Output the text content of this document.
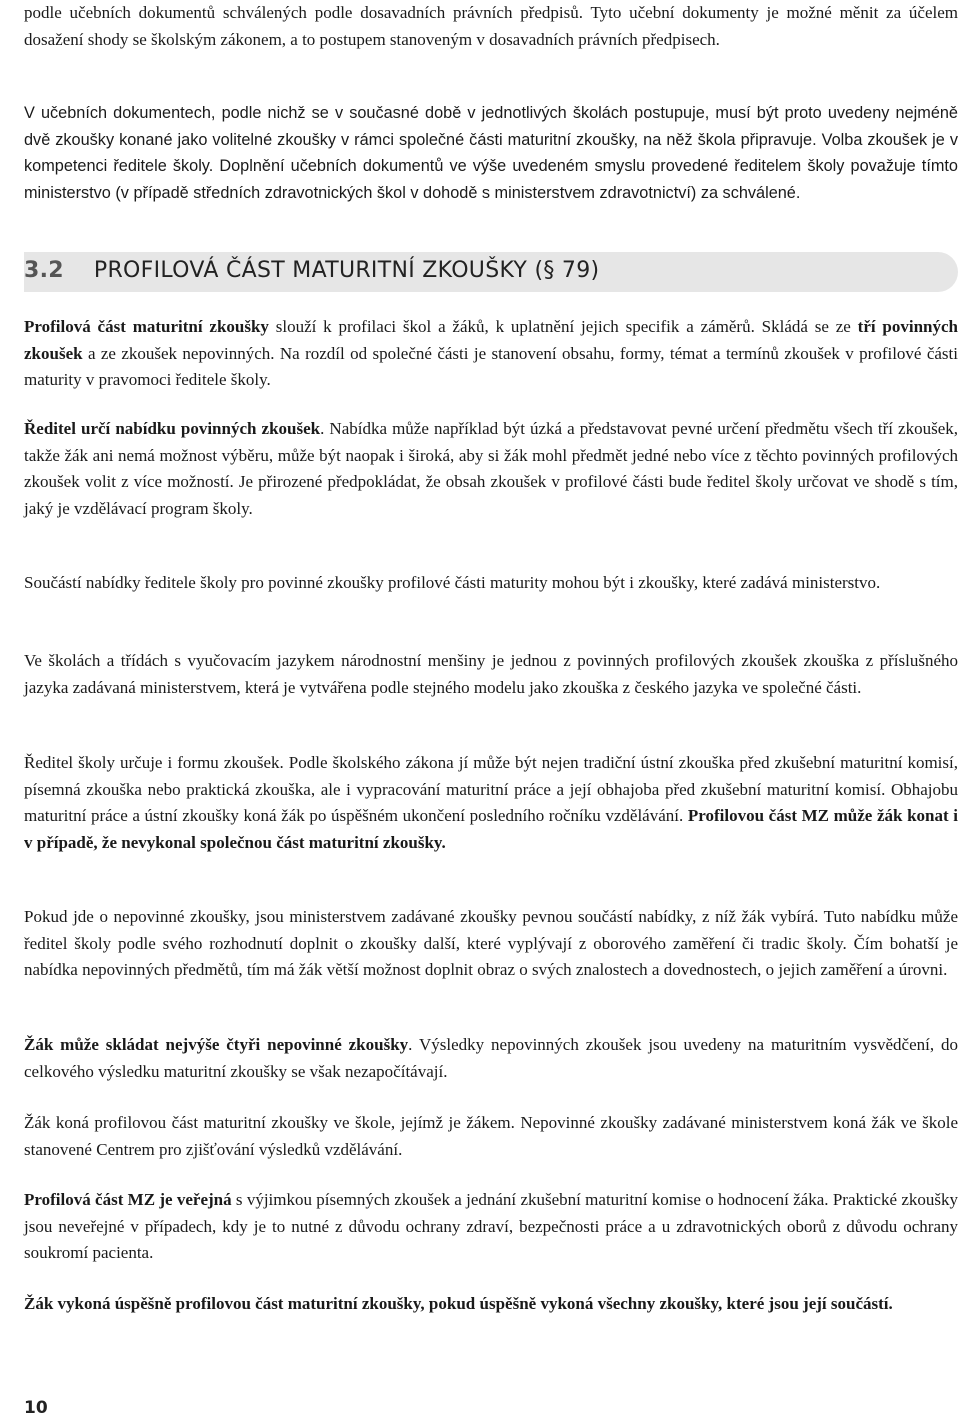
podle učebních dokumentů schválených podle dosavadních právních předpisů. Tyto učební dokumenty je možné měnit za účelem dosažení shody se školským zákonem, a to postupem stanoveným v dosavadních právních předpisech.

V učebních dokumentech, podle nichž se v současné době v jednotlivých školách postupuje, musí být proto uvedeny nejméně dvě zkoušky konané jako volitelné zkoušky v rámci společné části maturitní zkoušky, na něž škola připravuje. Volba zkoušek je v kompetenci ředitele školy. Doplnění učebních dokumentů ve výše uvedeném smyslu provedené ředitelem školy považuje tímto ministerstvo (v případě středních zdravotnických škol v dohodě s ministerstvem zdravotnictví) za schválené.

3.2 PROFILOVÁ ČÁST MATURITNÍ ZKOUŠKY (§ 79)

Profilová část maturitní zkoušky slouží k profilaci škol a žáků, k uplatnění jejich specifik a záměrů. Skládá se ze tří povinných zkoušek a ze zkoušek nepovinných. Na rozdíl od společné části je stanovení obsahu, formy, témat a termínů zkoušek v profilové části maturity v pravomoci ředitele školy.

Ředitel určí nabídku povinných zkoušek. Nabídka může například být úzká a představovat pevné určení předmětu všech tří zkoušek, takže žák ani nemá možnost výběru, může být naopak i široká, aby si žák mohl předmět jedné nebo více z těchto povinných profilových zkoušek volit z více možností. Je přirozené předpokládat, že obsah zkoušek v profilové části bude ředitel školy určovat ve shodě s tím, jaký je vzdělávací program školy.

Součástí nabídky ředitele školy pro povinné zkoušky profilové části maturity mohou být i zkoušky, které zadává ministerstvo.

Ve školách a třídách s vyučovacím jazykem národnostní menšiny je jednou z povinných profilových zkoušek zkouška z příslušného jazyka zadávaná ministerstvem, která je vytvářena podle stejného modelu jako zkouška z českého jazyka ve společné části.

Ředitel školy určuje i formu zkoušek. Podle školského zákona jí může být nejen tradiční ústní zkouška před zkušební maturitní komisí, písemná zkouška nebo praktická zkouška, ale i vypracování maturitní práce a její obhajoba před zkušební maturitní komisí. Obhajobu maturitní práce a ústní zkoušky koná žák po úspěšném ukončení posledního ročníku vzdělávání. Profilovou část MZ může žák konat i v případě, že nevykonal společnou část maturitní zkoušky.

Pokud jde o nepovinné zkoušky, jsou ministerstvem zadávané zkoušky pevnou součástí nabídky, z níž žák vybírá. Tuto nabídku může ředitel školy podle svého rozhodnutí doplnit o zkoušky další, které vyplývají z oborového zaměření či tradic školy. Čím bohatší je nabídka nepovinných předmětů, tím má žák větší možnost doplnit obraz o svých znalostech a dovednostech, o jejich zaměření a úrovni.

Žák může skládat nejvýše čtyři nepovinné zkoušky. Výsledky nepovinných zkoušek jsou uvedeny na maturitním vysvědčení, do celkového výsledku maturitní zkoušky se však nezapočítávají.

Žák koná profilovou část maturitní zkoušky ve škole, jejímž je žákem. Nepovinné zkoušky zadávané ministerstvem koná žák ve škole stanovené Centrem pro zjišťování výsledků vzdělávání.

Profilová část MZ je veřejná s výjimkou písemných zkoušek a jednání zkušební maturitní komise o hodnocení žáka. Praktické zkoušky jsou neveřejné v případech, kdy je to nutné z důvodu ochrany zdraví, bezpečnosti práce a u zdravotnických oborů z důvodu ochrany soukromí pacienta.

Žák vykoná úspěšně profilovou část maturitní zkoušky, pokud úspěšně vykoná všechny zkoušky, které jsou její součástí.

10
